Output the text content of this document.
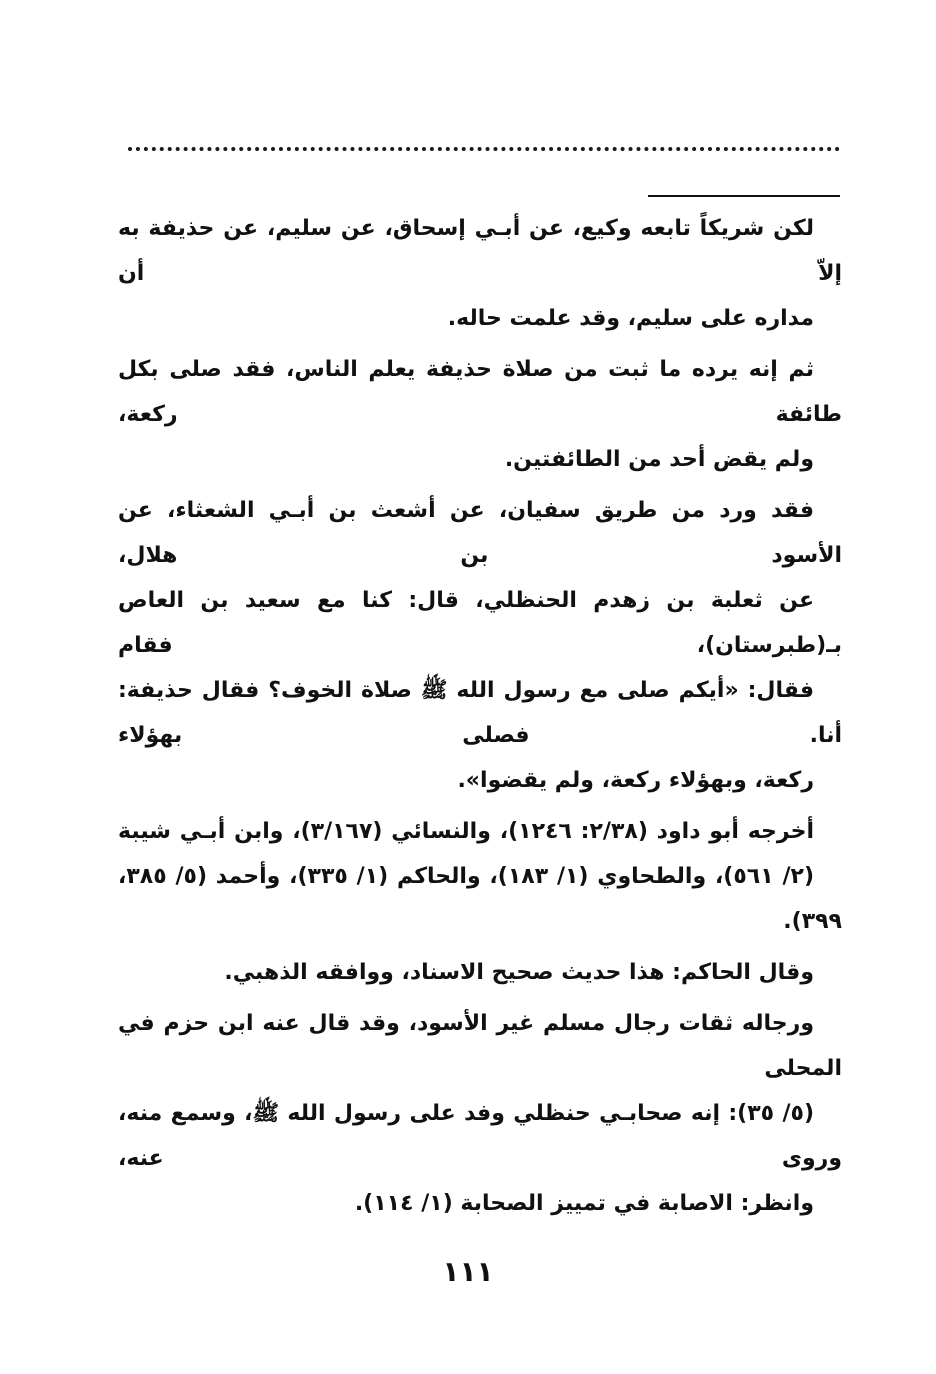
لكن شريكاً تابعه وكيع، عن أبـي إسحاق، عن سليم، عن حذيفة به إلاّ أن
مداره على سليم، وقد علمت حاله.

ثم إنه يرده ما ثبت من صلاة حذيفة يعلم الناس، فقد صلى بكل طائفة ركعة،
ولم يقض أحد من الطائفتين.

فقد ورد من طريق سفيان، عن أشعث بن أبـي الشعثاء، عن الأسود بن هلال،
عن ثعلبة بن زهدم الحنظلي، قال: كنا مع سعيد بن العاص بـ(طبرستان)، فقام
فقال: «أيكم صلى مع رسول الله ﷺ صلاة الخوف؟ فقال حذيفة: أنا. فصلى بهؤلاء
ركعة، وبهؤلاء ركعة، ولم يقضوا».

أخرجه أبو داود (٢/٣٨: ١٢٤٦)، والنسائي (٣/١٦٧)، وابن أبـي شيبة
(٢/ ٥٦١)، والطحاوي (١/ ١٨٣)، والحاكم (١/ ٣٣٥)، وأحمد (٥/ ٣٨٥، ٣٩٩).

وقال الحاكم: هذا حديث صحيح الاسناد، ووافقه الذهبي.

ورجاله ثقات رجال مسلم غير الأسود، وقد قال عنه ابن حزم في المحلى
(٥/ ٣٥): إنه صحابـي حنظلي وفد على رسول الله ﷺ، وسمع منه، وروى عنه،
وانظر: الاصابة في تمييز الصحابة (١/ ١١٤).

١١١
